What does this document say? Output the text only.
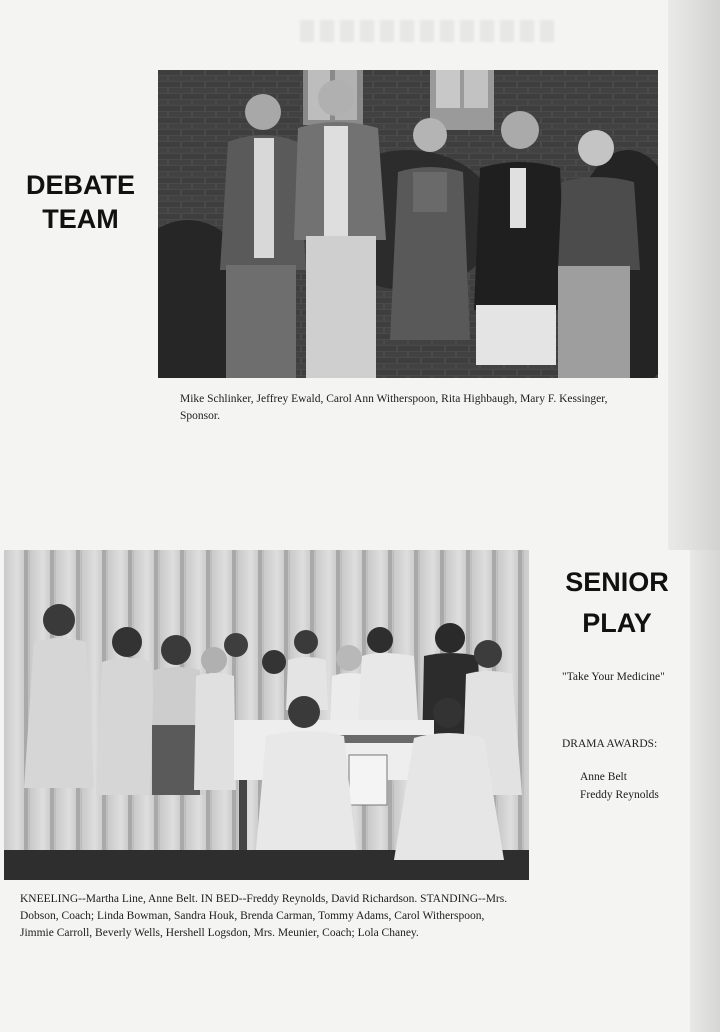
DEBATE TEAM

Mike Schlinker, Jeffrey Ewald, Carol Ann Witherspoon, Rita Highbaugh, Mary F. Kessinger, Sponsor.

SENIOR PLAY

"Take Your Medicine"

DRAMA AWARDS:

Anne Belt

Freddy Reynolds

KNEELING--Martha Line, Anne Belt. IN BED--Freddy Reynolds, David Richardson. STANDING--Mrs. Dobson, Coach; Linda Bowman, Sandra Houk, Brenda Carman, Tommy Adams, Carol Witherspoon, Jimmie Carroll, Beverly Wells, Hershell Logsdon, Mrs. Meunier, Coach; Lola Chaney.
